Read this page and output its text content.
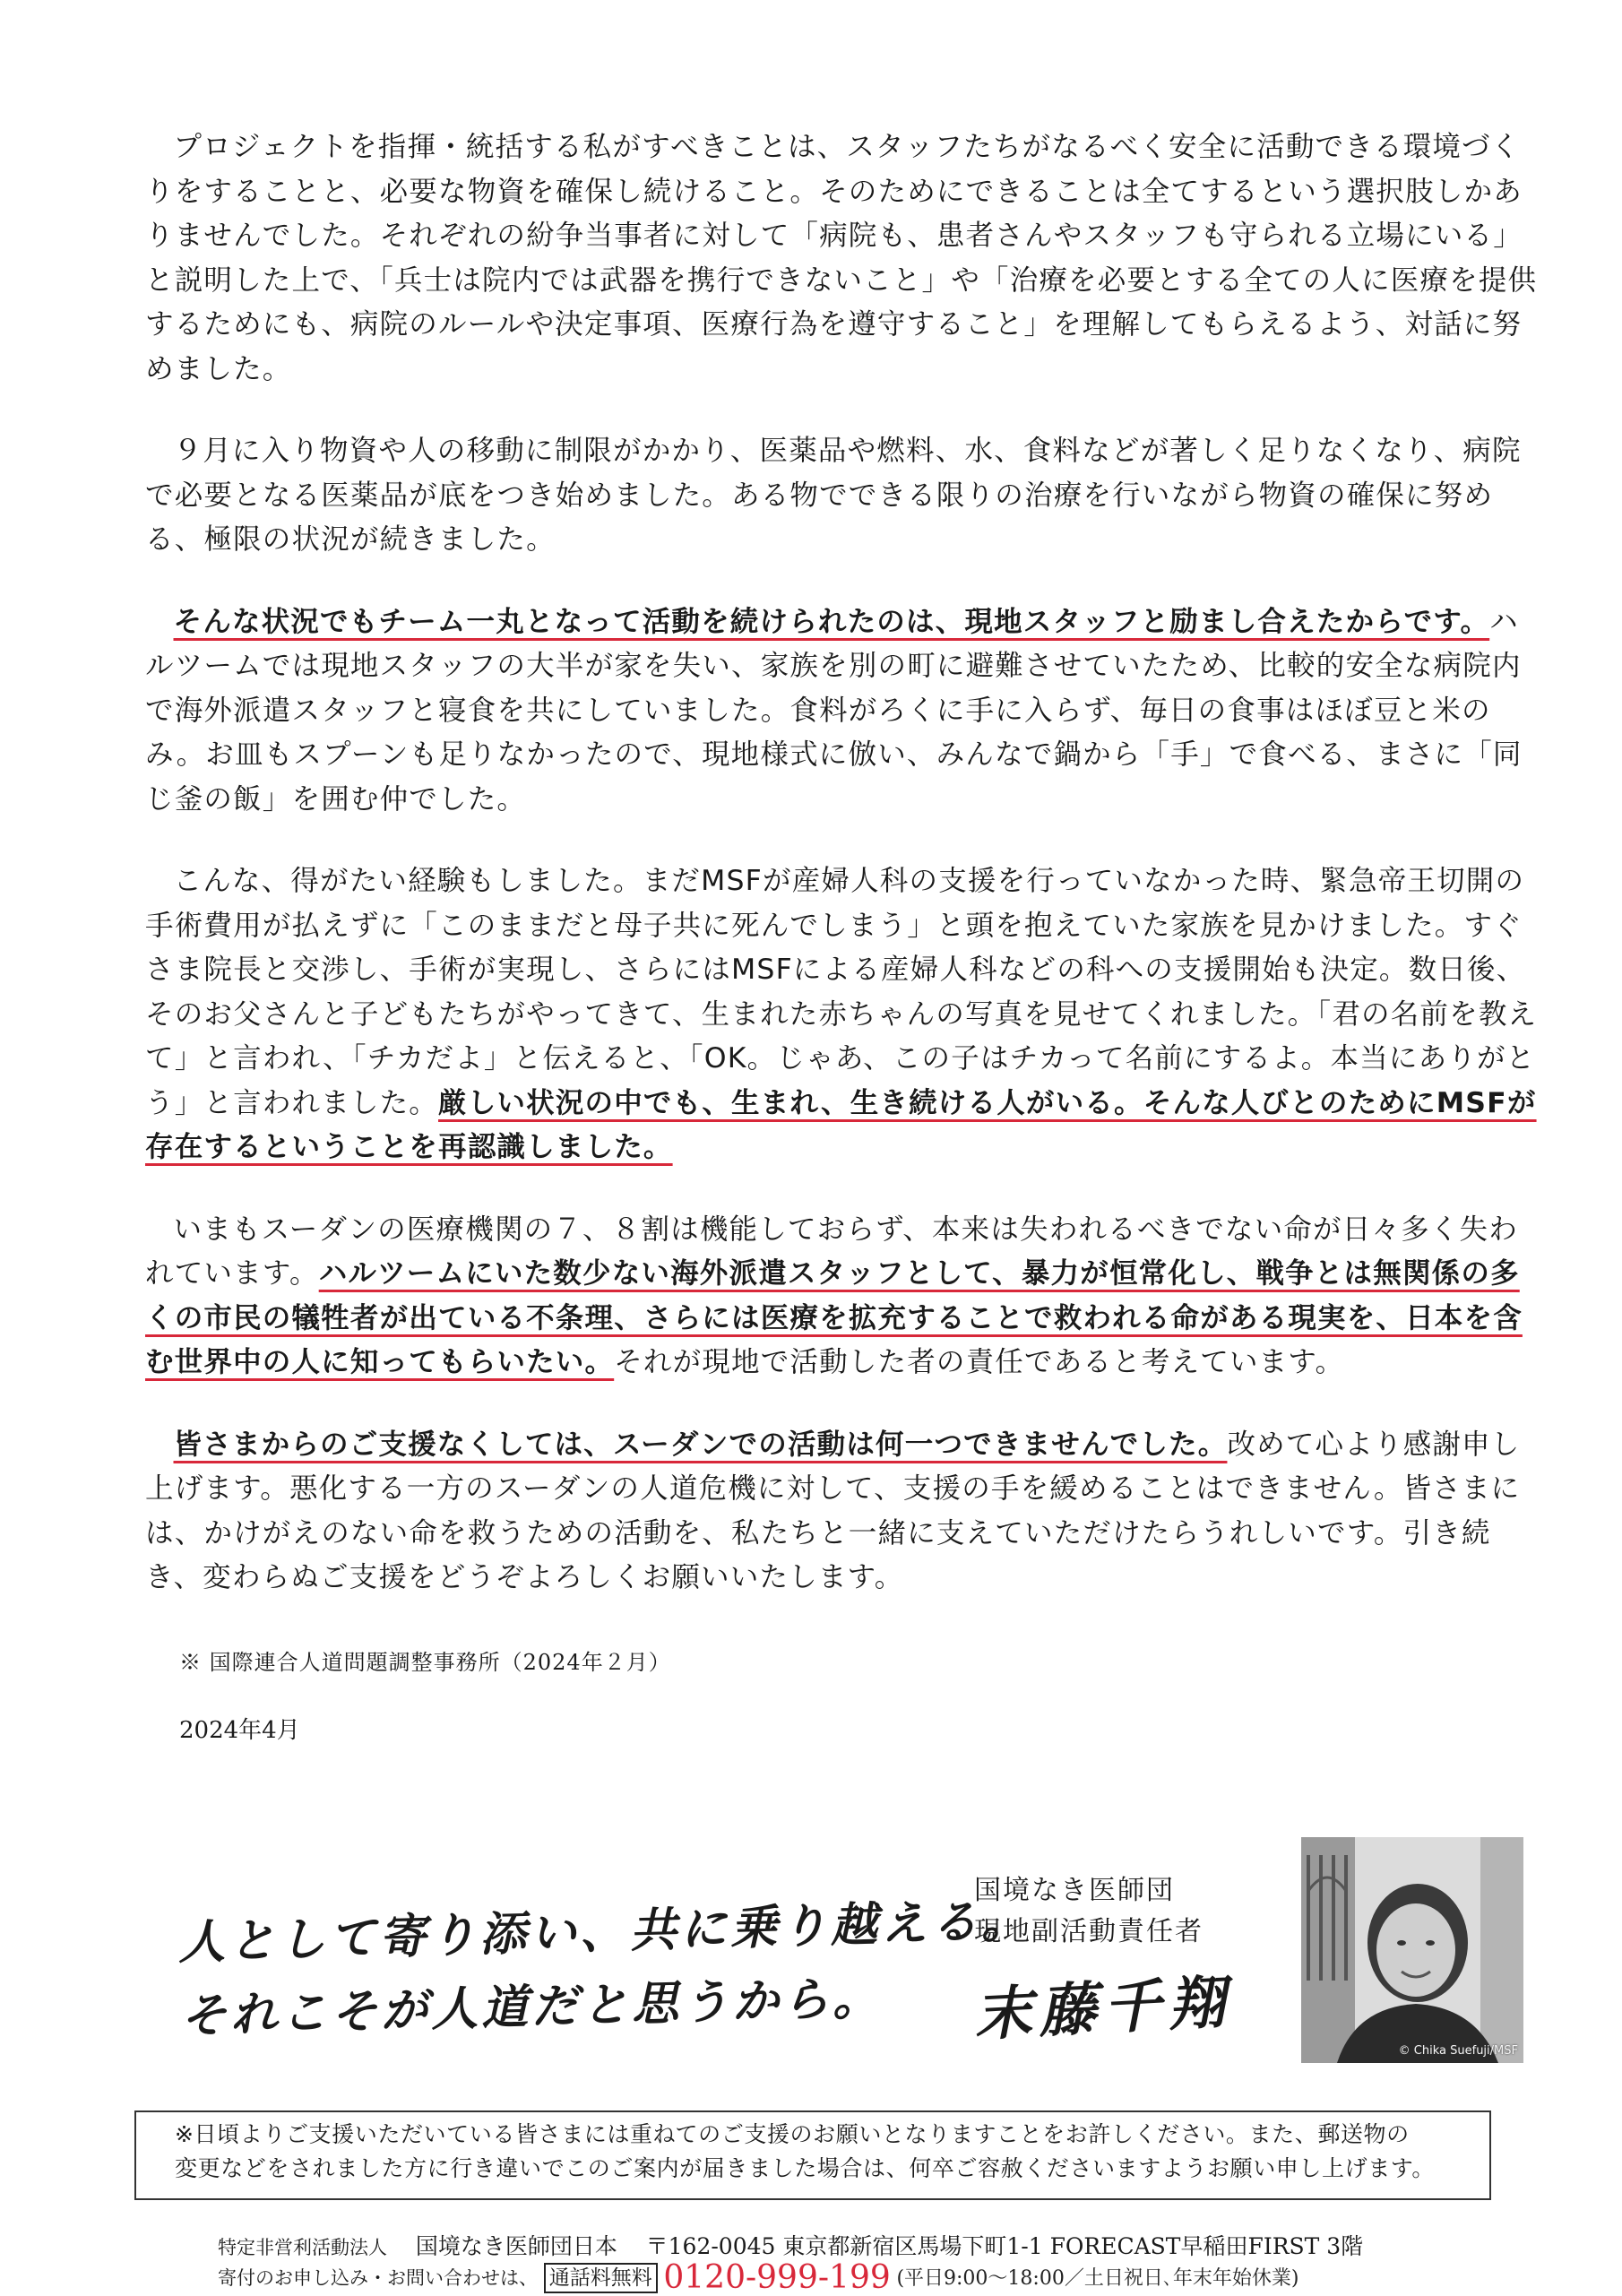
プロジェクトを指揮・統括する私がすべきことは、スタッフたちがなるべく安全に活動できる環境づくりをすることと、必要な物資を確保し続けること。そのためにできることは全てするという選択肢しかありませんでした。それぞれの紛争当事者に対して「病院も、患者さんやスタッフも守られる立場にいる」と説明した上で、「兵士は院内では武器を携行できないこと」や「治療を必要とする全ての人に医療を提供するためにも、病院のルールや決定事項、医療行為を遵守すること」を理解してもらえるよう、対話に努めました。

９月に入り物資や人の移動に制限がかかり、医薬品や燃料、水、食料などが著しく足りなくなり、病院で必要となる医薬品が底をつき始めました。ある物でできる限りの治療を行いながら物資の確保に努める、極限の状況が続きました。

そんな状況でもチーム一丸となって活動を続けられたのは、現地スタッフと励まし合えたからです。ハルツームでは現地スタッフの大半が家を失い、家族を別の町に避難させていたため、比較的安全な病院内で海外派遣スタッフと寝食を共にしていました。食料がろくに手に入らず、毎日の食事はほぼ豆と米のみ。お皿もスプーンも足りなかったので、現地様式に倣い、みんなで鍋から「手」で食べる、まさに「同じ釜の飯」を囲む仲でした。

こんな、得がたい経験もしました。まだMSFが産婦人科の支援を行っていなかった時、緊急帝王切開の手術費用が払えずに「このままだと母子共に死んでしまう」と頭を抱えていた家族を見かけました。すぐさま院長と交渉し、手術が実現し、さらにはMSFによる産婦人科などの科への支援開始も決定。数日後、そのお父さんと子どもたちがやってきて、生まれた赤ちゃんの写真を見せてくれました。「君の名前を教えて」と言われ、「チカだよ」と伝えると、「OK。じゃあ、この子はチカって名前にするよ。本当にありがとう」と言われました。厳しい状況の中でも、生まれ、生き続ける人がいる。そんな人びとのためにMSFが存在するということを再認識しました。

いまもスーダンの医療機関の７、８割は機能しておらず、本来は失われるべきでない命が日々多く失われています。ハルツームにいた数少ない海外派遣スタッフとして、暴力が恒常化し、戦争とは無関係の多くの市民の犠牲者が出ている不条理、さらには医療を拡充することで救われる命がある現実を、日本を含む世界中の人に知ってもらいたい。それが現地で活動した者の責任であると考えています。

皆さまからのご支援なくしては、スーダンでの活動は何一つできませんでした。改めて心より感謝申し上げます。悪化する一方のスーダンの人道危機に対して、支援の手を緩めることはできません。皆さまには、かけがえのない命を救うための活動を、私たちと一緒に支えていただけたらうれしいです。引き続き、変わらぬご支援をどうぞよろしくお願いいたします。

※ 国際連合人道問題調整事務所（2024年２月）
2024年4月
人として寄り添い、共に乗り越える。
それこそが人道だと思うから。
国境なき医師団
現地副活動責任者
末藤千翔
© Chika Suefuji/MSF
※日頃よりご支援いただいている皆さまには重ねてのご支援のお願いとなりますことをお許しください。また、郵送物の
変更などをされました方に行き違いでこのご案内が届きました場合は、何卒ご容赦くださいますようお願い申し上げます。
特定非営利活動法人 国境なき医師団日本 〒162-0045 東京都新宿区馬場下町1-1 FORECAST早稲田FIRST 3階
寄付のお申し込み・お問い合わせは、 通話料無料 0120-999-199 (平日9:00〜18:00／土日祝日､年末年始休業)
